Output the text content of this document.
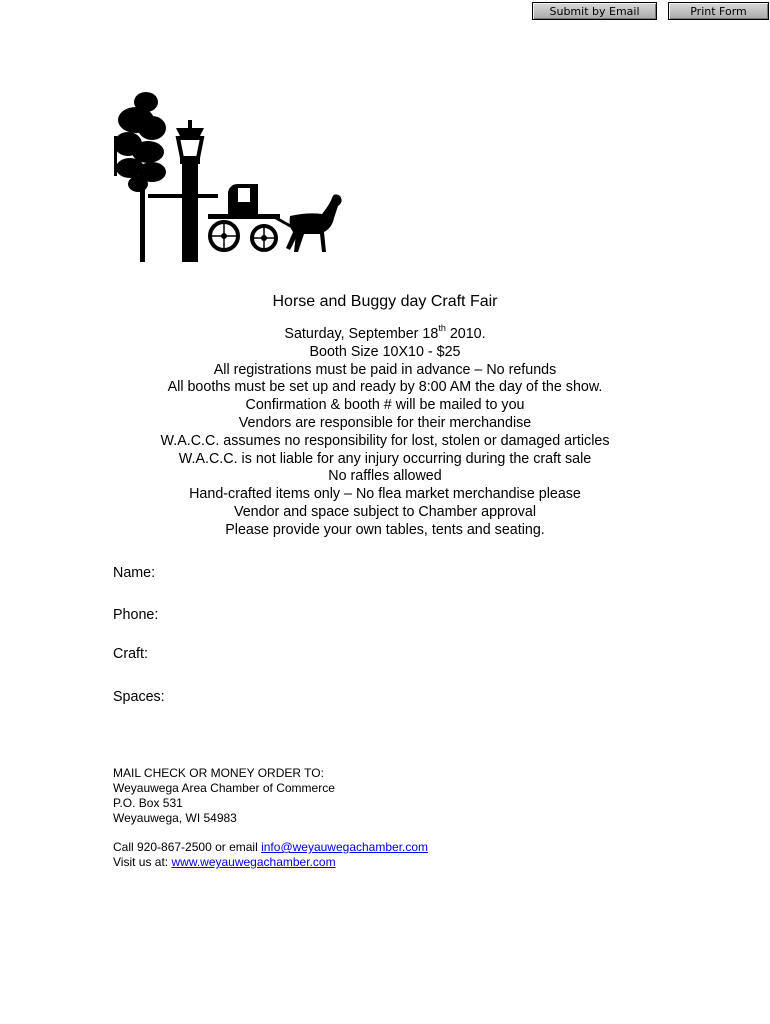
Submit by Email	Print Form
Horse and Buggy day Craft Fair
Saturday, September 18th 2010.
Booth Size 10X10 - $25
All registrations must be paid in advance – No refunds
All booths must be set up and ready by 8:00 AM the day of the show.
Confirmation & booth # will be mailed to you
Vendors are responsible for their merchandise
W.A.C.C. assumes no responsibility for lost, stolen or damaged articles
W.A.C.C. is not liable for any injury occurring during the craft sale
No raffles allowed
Hand-crafted items only – No flea market merchandise please
Vendor and space subject to Chamber approval
Please provide your own tables, tents and seating.
Name:
Phone:
Craft:
Spaces:
MAIL CHECK OR MONEY ORDER TO:
Weyauwega Area Chamber of Commerce
P.O. Box 531
Weyauwega, WI 54983
Call 920-867-2500 or email info@weyauwegachamber.com
Visit us at: www.weyauwegachamber.com
